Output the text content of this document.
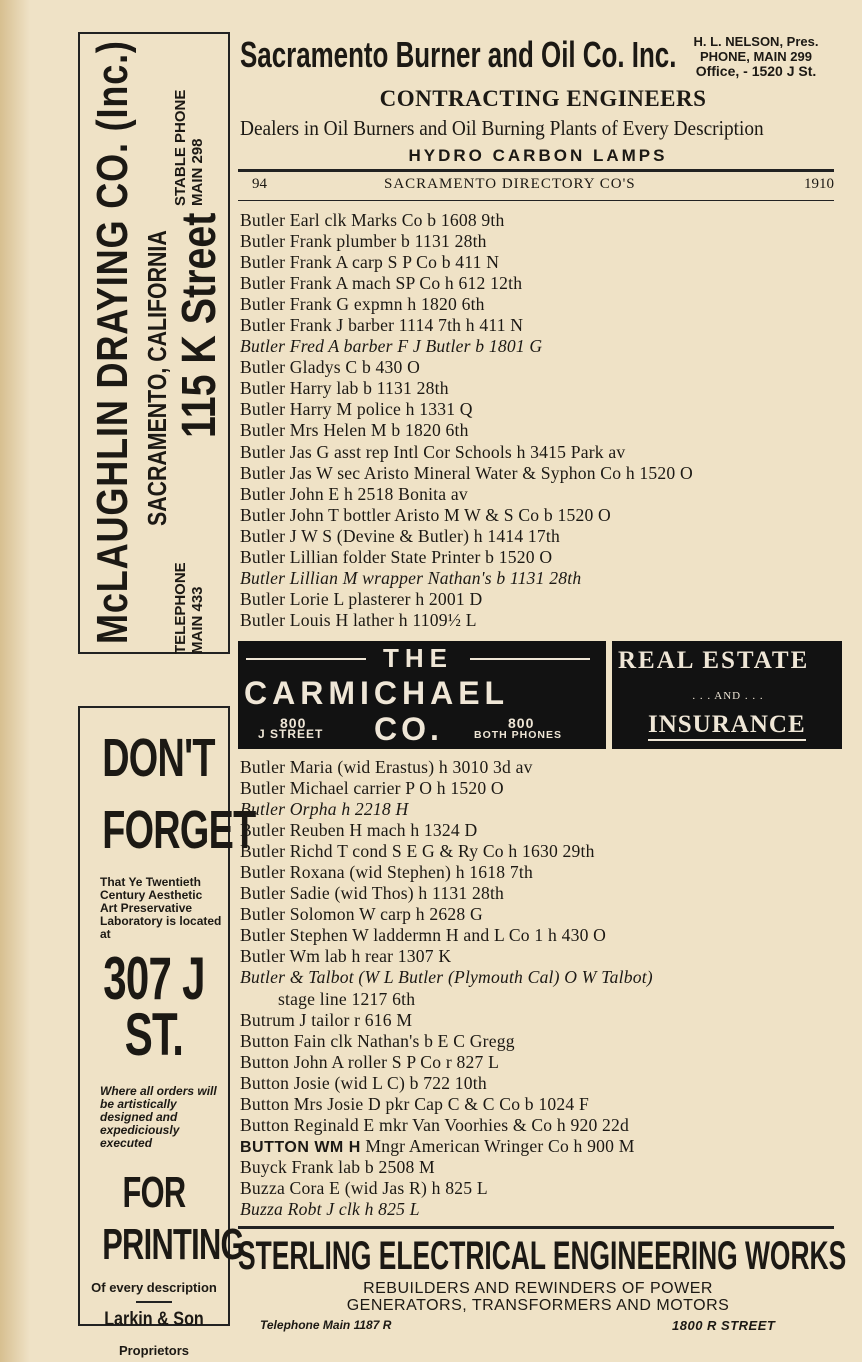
Sacramento Burner and Oil Co. Inc.	H. L. NELSON, Pres.
PHONE, MAIN 299
Office, - 1520 J St.
CONTRACTING ENGINEERS
Dealers in Oil Burners and Oil Burning Plants of Every Description
HYDRO CARBON LAMPS
94	SACRAMENTO DIRECTORY CO'S	1910
McLAUGHLIN DRAYING CO. (Inc.) SACRAMENTO, CALIFORNIA 115 K Street
TELEPHONE MAIN 433
STABLE PHONE MAIN 298
DON'T
FORGET
That Ye Twentieth Century Aesthetic Art Preservative Laboratory is located at
307 J ST.
Where all orders will be artistically designed and expediciously executed
FOR
PRINTING
Of every description
Larkin & Son
Proprietors
Butler Earl clk Marks Co b 1608 9th
Butler Frank plumber b 1131 28th
Butler Frank A carp S P Co b 411 N
Butler Frank A mach SP Co h 612 12th
Butler Frank G expmn h 1820 6th
Butler Frank J barber 1114 7th h 411 N
Butler Fred A barber F J Butler b 1801 G
Butler Gladys C b 430 O
Butler Harry lab b 1131 28th
Butler Harry M police h 1331 Q
Butler Mrs Helen M b 1820 6th
Butler Jas G asst rep Intl Cor Schools h 3415 Park av
Butler Jas W sec Aristo Mineral Water & Syphon Co h 1520 O
Butler John E h 2518 Bonita av
Butler John T bottler Aristo M W & S Co b 1520 O
Butler J W S (Devine & Butler) h 1414 17th
Butler Lillian folder State Printer b 1520 O
Butler Lillian M wrapper Nathan's b 1131 28th
Butler Lorie L plasterer h 2001 D
Butler Louis H lather h 1109½ L
THE
CARMICHAEL
800
J STREET CO.	800
BOTH PHONES
REAL ESTATE
. . . AND . . .
INSURANCE
Butler Maria (wid Erastus) h 3010 3d av
Butler Michael carrier P O h 1520 O
Butler Orpha h 2218 H
Butler Reuben H mach h 1324 D
Butler Richd T cond S E G & Ry Co h 1630 29th
Butler Roxana (wid Stephen) h 1618 7th
Butler Sadie (wid Thos) h 1131 28th
Butler Solomon W carp h 2628 G
Butler Stephen W laddermn H and L Co 1 h 430 O
Butler Wm lab h rear 1307 K
Butler & Talbot (W L Butler (Plymouth Cal) O W Talbot)
stage line 1217 6th
Butrum J tailor r 616 M
Button Fain clk Nathan's b E C Gregg
Button John A roller S P Co r 827 L
Button Josie (wid L C) b 722 10th
Button Mrs Josie D pkr Cap C & C Co b 1024 F
Button Reginald E mkr Van Voorhies & Co h 920 22d
BUTTON WM H Mngr American Wringer Co h 900 M
Buyck Frank lab b 2508 M
Buzza Cora E (wid Jas R) h 825 L
Buzza Robt J clk h 825 L
STERLING ELECTRICAL ENGINEERING WORKS
REBUILDERS AND REWINDERS OF POWER
GENERATORS, TRANSFORMERS AND MOTORS
Telephone Main 1187 R	1800 R STREET
